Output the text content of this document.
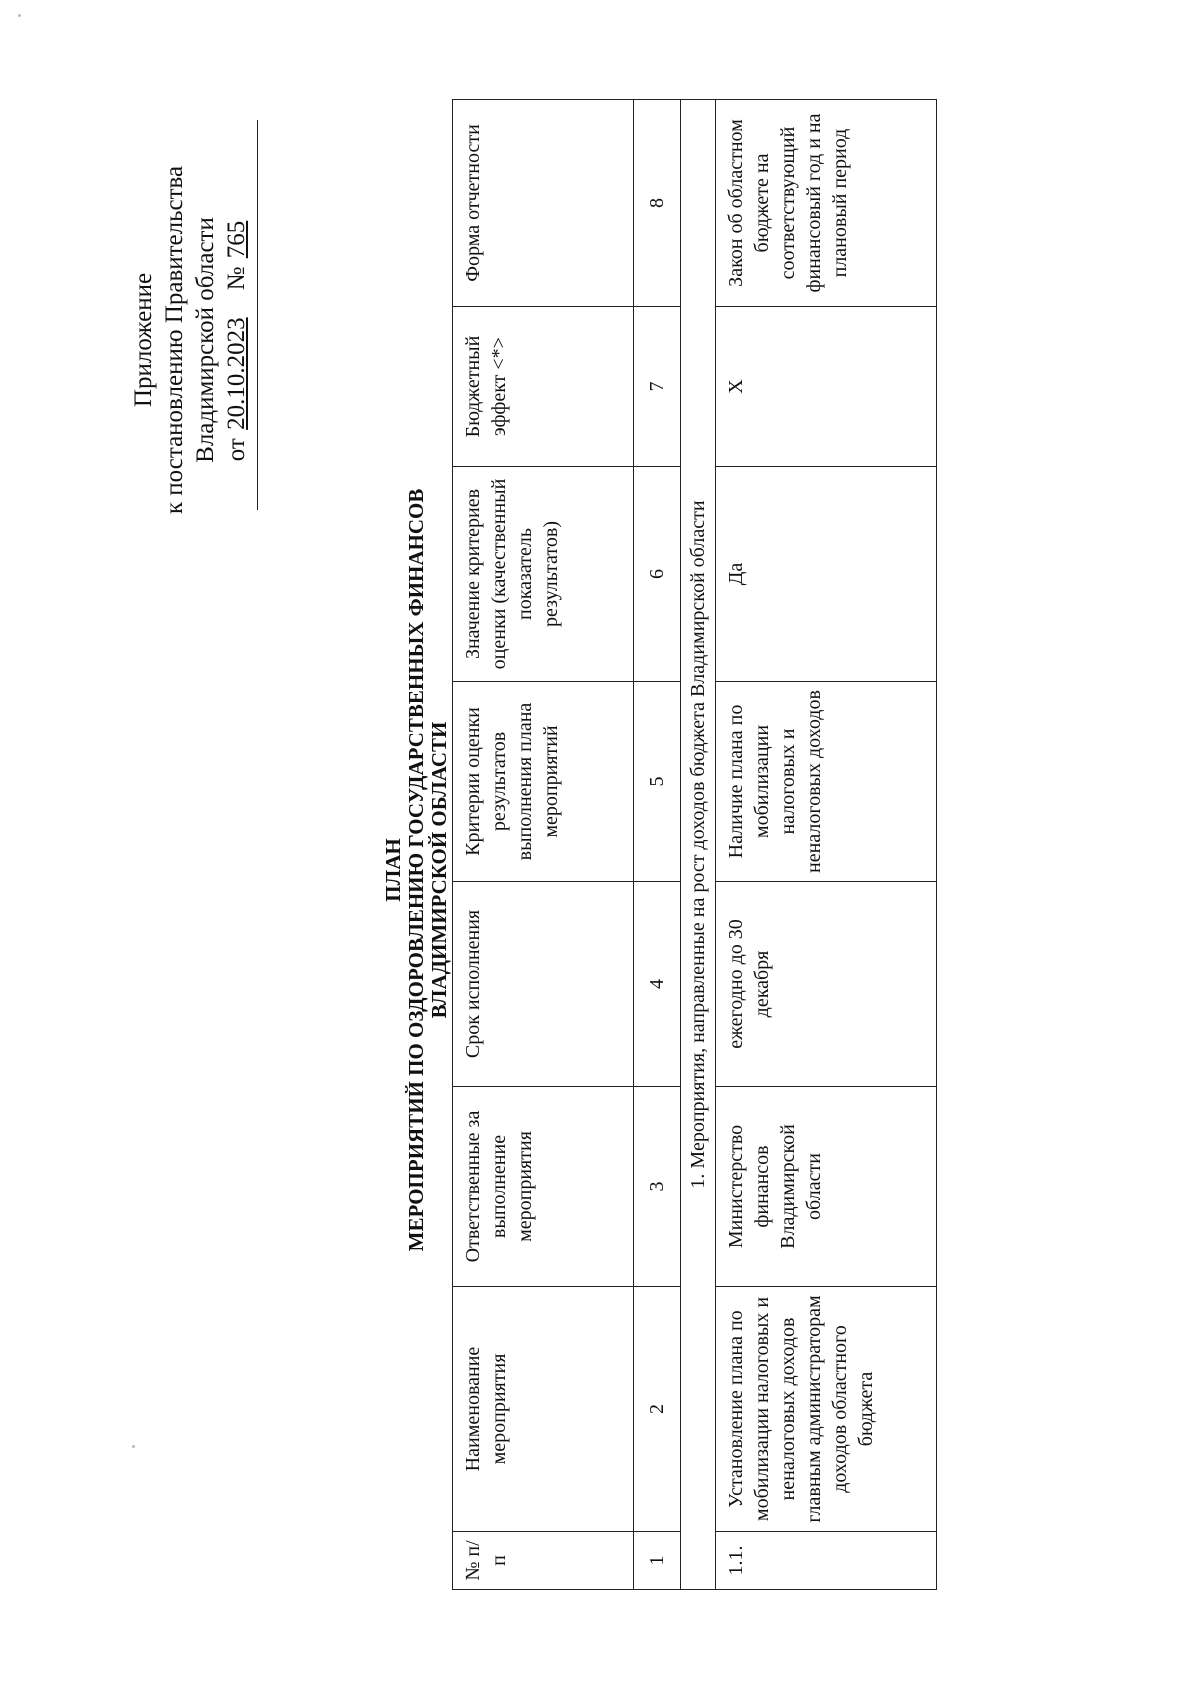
Приложение к постановлению Правительства Владимирской области от 20.10.2023    № 765
ПЛАН МЕРОПРИЯТИЙ ПО ОЗДОРОВЛЕНИЮ ГОСУДАРСТВЕННЫХ ФИНАНСОВ ВЛАДИМИРСКОЙ ОБЛАСТИ
№ п/п	Наименование мероприятия	Ответственные за выполнение мероприятия	Срок исполнения	Критерии оценки результатов выполнения плана мероприятий	Значение критериев оценки (качественный показатель результатов)	Бюджетный эффект <*>	Форма отчетности
1	2	3	4	5	6	7	8
1. Мероприятия, направленные на рост доходов бюджета Владимирской области							
1.1.	Установление плана по мобилизации налоговых и неналоговых доходов главным администраторам доходов областного бюджета	Министерство финансов Владимирской области	ежегодно до 30 декабря	Наличие плана по мобилизации налоговых и неналоговых доходов	Да	Х	Закон об областном бюджете на соответствующий финансовый год и на плановый период
